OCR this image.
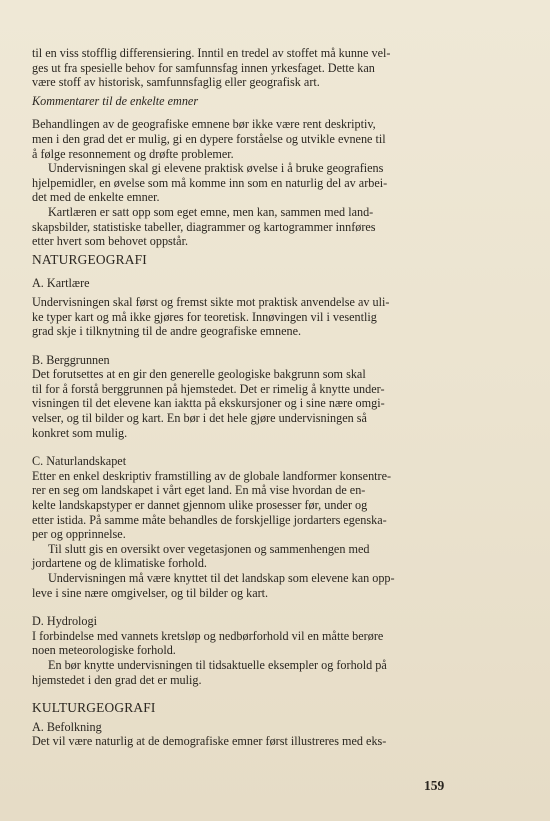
til en viss stofflig differensiering. Inntil en tredel av stoffet må kunne vel-
ges ut fra spesielle behov for samfunnsfag innen yrkesfaget. Dette kan
være stoff av historisk, samfunnsfaglig eller geografisk art.
Kommentarer til de enkelte emner
Behandlingen av de geografiske emnene bør ikke være rent deskriptiv,
men i den grad det er mulig, gi en dypere forståelse og utvikle evnene til
å følge resonnement og drøfte problemer.
Undervisningen skal gi elevene praktisk øvelse i å bruke geografiens
hjelpemidler, en øvelse som må komme inn som en naturlig del av arbei-
det med de enkelte emner.
Kartlæren er satt opp som eget emne, men kan, sammen med land-
skapsbilder, statistiske tabeller, diagrammer og kartogrammer innføres
etter hvert som behovet oppstår.
NATURGEOGRAFI
A. Kartlære
Undervisningen skal først og fremst sikte mot praktisk anvendelse av uli-
ke typer kart og må ikke gjøres for teoretisk. Innøvingen vil i vesentlig
grad skje i tilknytning til de andre geografiske emnene.
B. Berggrunnen
Det forutsettes at en gir den generelle geologiske bakgrunn som skal
til for å forstå berggrunnen på hjemstedet. Det er rimelig å knytte under-
visningen til det elevene kan iaktta på ekskursjoner og i sine nære omgi-
velser, og til bilder og kart. En bør i det hele gjøre undervisningen så
konkret som mulig.
C. Naturlandskapet
Etter en enkel deskriptiv framstilling av de globale landformer konsentre-
rer en seg om landskapet i vårt eget land. En må vise hvordan de en-
kelte landskapstyper er dannet gjennom ulike prosesser før, under og
etter istida. På samme måte behandles de forskjellige jordarters egenska-
per og opprinnelse.
Til slutt gis en oversikt over vegetasjonen og sammenhengen med
jordartene og de klimatiske forhold.
Undervisningen må være knyttet til det landskap som elevene kan opp-
leve i sine nære omgivelser, og til bilder og kart.
D. Hydrologi
I forbindelse med vannets kretsløp og nedbørforhold vil en måtte berøre
noen meteorologiske forhold.
En bør knytte undervisningen til tidsaktuelle eksempler og forhold på
hjemstedet i den grad det er mulig.
KULTURGEOGRAFI
A. Befolkning
Det vil være naturlig at de demografiske emner først illustreres med eks-
159
